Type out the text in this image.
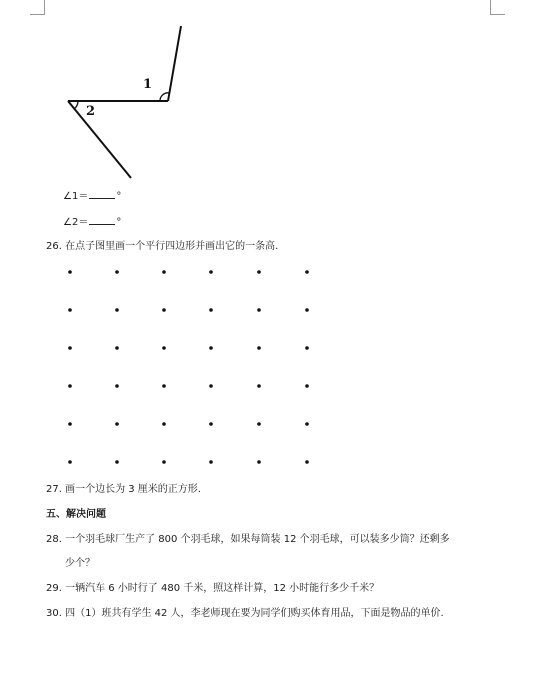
1
2
∠1＝	°
∠2＝	°
26. 在点子图里画一个平行四边形并画出它的一条高.
27. 画一个边长为 3 厘米的正方形.
五、解决问题
28. 一个羽毛球厂生产了 800 个羽毛球，如果每筒装 12 个羽毛球，可以装多少筒？还剩多
少个？
29. 一辆汽车 6 小时行了 480 千米，照这样计算，12 小时能行多少千米？
30. 四（1）班共有学生 42 人，李老师现在要为同学们购买体育用品，下面是物品的单价.
